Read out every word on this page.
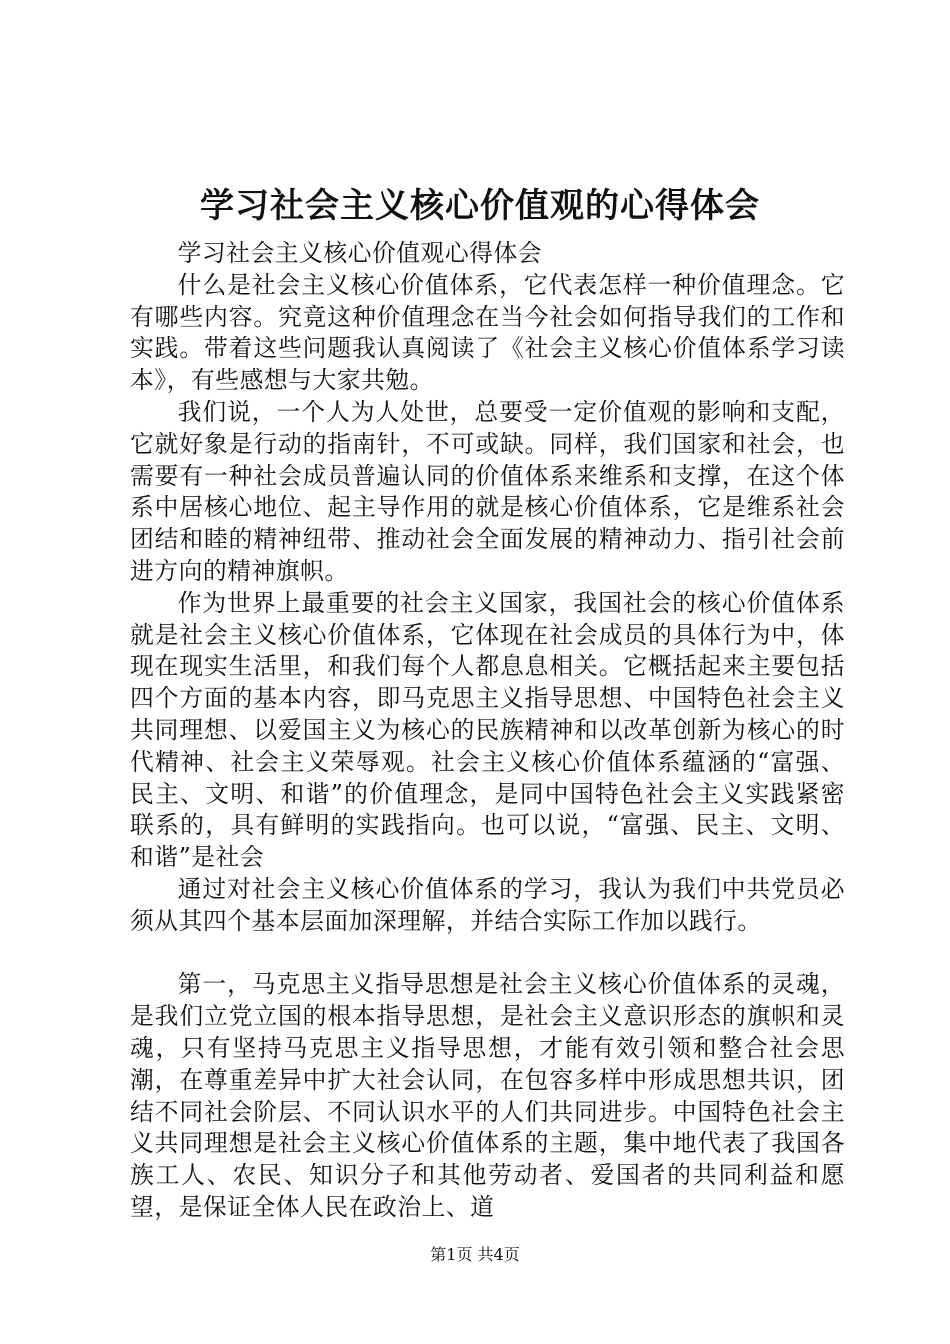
学习社会主义核心价值观的心得体会

学习社会主义核心价值观心得体会

什么是社会主义核心价值体系，它代表怎样一种价值理念。它有哪些内容。究竟这种价值理念在当今社会如何指导我们的工作和实践。带着这些问题我认真阅读了《社会主义核心价值体系学习读本》，有些感想与大家共勉。

我们说，一个人为人处世，总要受一定价值观的影响和支配，它就好象是行动的指南针，不可或缺。同样，我们国家和社会，也需要有一种社会成员普遍认同的价值体系来维系和支撑，在这个体系中居核心地位、起主导作用的就是核心价值体系，它是维系社会团结和睦的精神纽带、推动社会全面发展的精神动力、指引社会前进方向的精神旗帜。

作为世界上最重要的社会主义国家，我国社会的核心价值体系就是社会主义核心价值体系，它体现在社会成员的具体行为中，体现在现实生活里，和我们每个人都息息相关。它概括起来主要包括四个方面的基本内容，即马克思主义指导思想、中国特色社会主义共同理想、以爱国主义为核心的民族精神和以改革创新为核心的时代精神、社会主义荣辱观。社会主义核心价值体系蕴涵的“富强、民主、文明、和谐”的价值理念，是同中国特色社会主义实践紧密联系的，具有鲜明的实践指向。也可以说，“富强、民主、文明、和谐”是社会

通过对社会主义核心价值体系的学习，我认为我们中共党员必须从其四个基本层面加深理解，并结合实际工作加以践行。

第一，马克思主义指导思想是社会主义核心价值体系的灵魂，是我们立党立国的根本指导思想，是社会主义意识形态的旗帜和灵魂，只有坚持马克思主义指导思想，才能有效引领和整合社会思潮，在尊重差异中扩大社会认同，在包容多样中形成思想共识，团结不同社会阶层、不同认识水平的人们共同进步。中国特色社会主义共同理想是社会主义核心价值体系的主题，集中地代表了我国各族工人、农民、知识分子和其他劳动者、爱国者的共同利益和愿望，是保证全体人民在政治上、道

第1页 共4页
